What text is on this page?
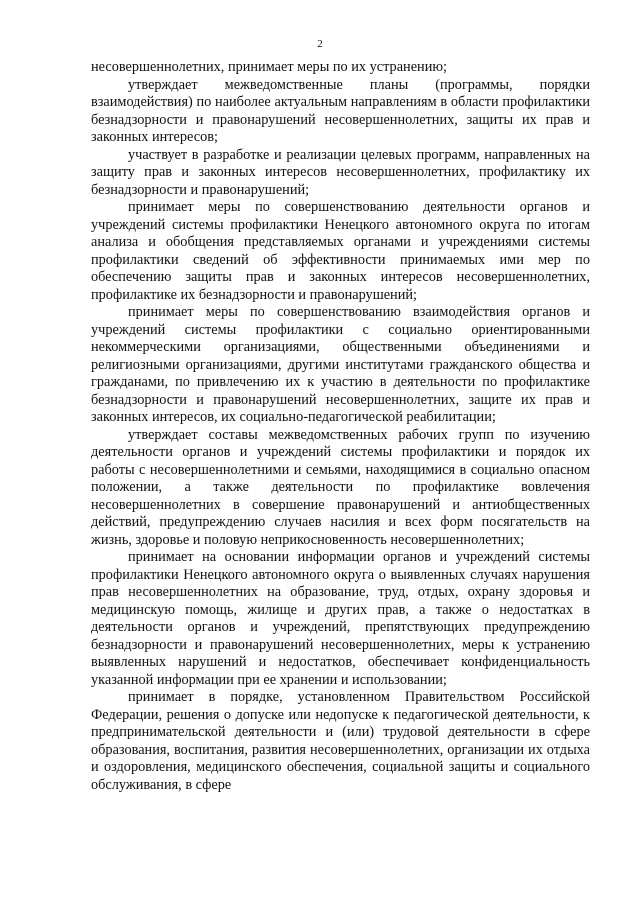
2

несовершеннолетних, принимает меры по их устранению;

утверждает межведомственные планы (программы, порядки взаимодействия) по наиболее актуальным направлениям в области профилактики безнадзорности и правонарушений несовершеннолетних, защиты их прав и законных интересов;

участвует в разработке и реализации целевых программ, направленных на защиту прав и законных интересов несовершеннолетних, профилактику их безнадзорности и правонарушений;

принимает меры по совершенствованию деятельности органов и учреждений системы профилактики Ненецкого автономного округа по итогам анализа и обобщения представляемых органами и учреждениями системы профилактики сведений об эффективности принимаемых ими мер по обеспечению защиты прав и законных интересов несовершеннолетних, профилактике их безнадзорности и правонарушений;

принимает меры по совершенствованию взаимодействия органов и учреждений системы профилактики с социально ориентированными некоммерческими организациями, общественными объединениями и религиозными организациями, другими институтами гражданского общества и гражданами, по привлечению их к участию в деятельности по профилактике безнадзорности и правонарушений несовершеннолетних, защите их прав и законных интересов, их социально-педагогической реабилитации;

утверждает составы межведомственных рабочих групп по изучению деятельности органов и учреждений системы профилактики и порядок их работы с несовершеннолетними и семьями, находящимися в социально опасном положении, а также деятельности по профилактике вовлечения несовершеннолетних в совершение правонарушений и антиобщественных действий, предупреждению случаев насилия и всех форм посягательств на жизнь, здоровье и половую неприкосновенность несовершеннолетних;

принимает на основании информации органов и учреждений системы профилактики Ненецкого автономного округа о выявленных случаях нарушения прав несовершеннолетних на образование, труд, отдых, охрану здоровья и медицинскую помощь, жилище и других прав, а также о недостатках в деятельности органов и учреждений, препятствующих предупреждению безнадзорности и правонарушений несовершеннолетних, меры к устранению выявленных нарушений и недостатков, обеспечивает конфиденциальность указанной информации при ее хранении и использовании;

принимает в порядке, установленном Правительством Российской Федерации, решения о допуске или недопуске к педагогической деятельности, к предпринимательской деятельности и (или) трудовой деятельности в сфере образования, воспитания, развития несовершеннолетних, организации их отдыха и оздоровления, медицинского обеспечения, социальной защиты и социального обслуживания, в сфере
